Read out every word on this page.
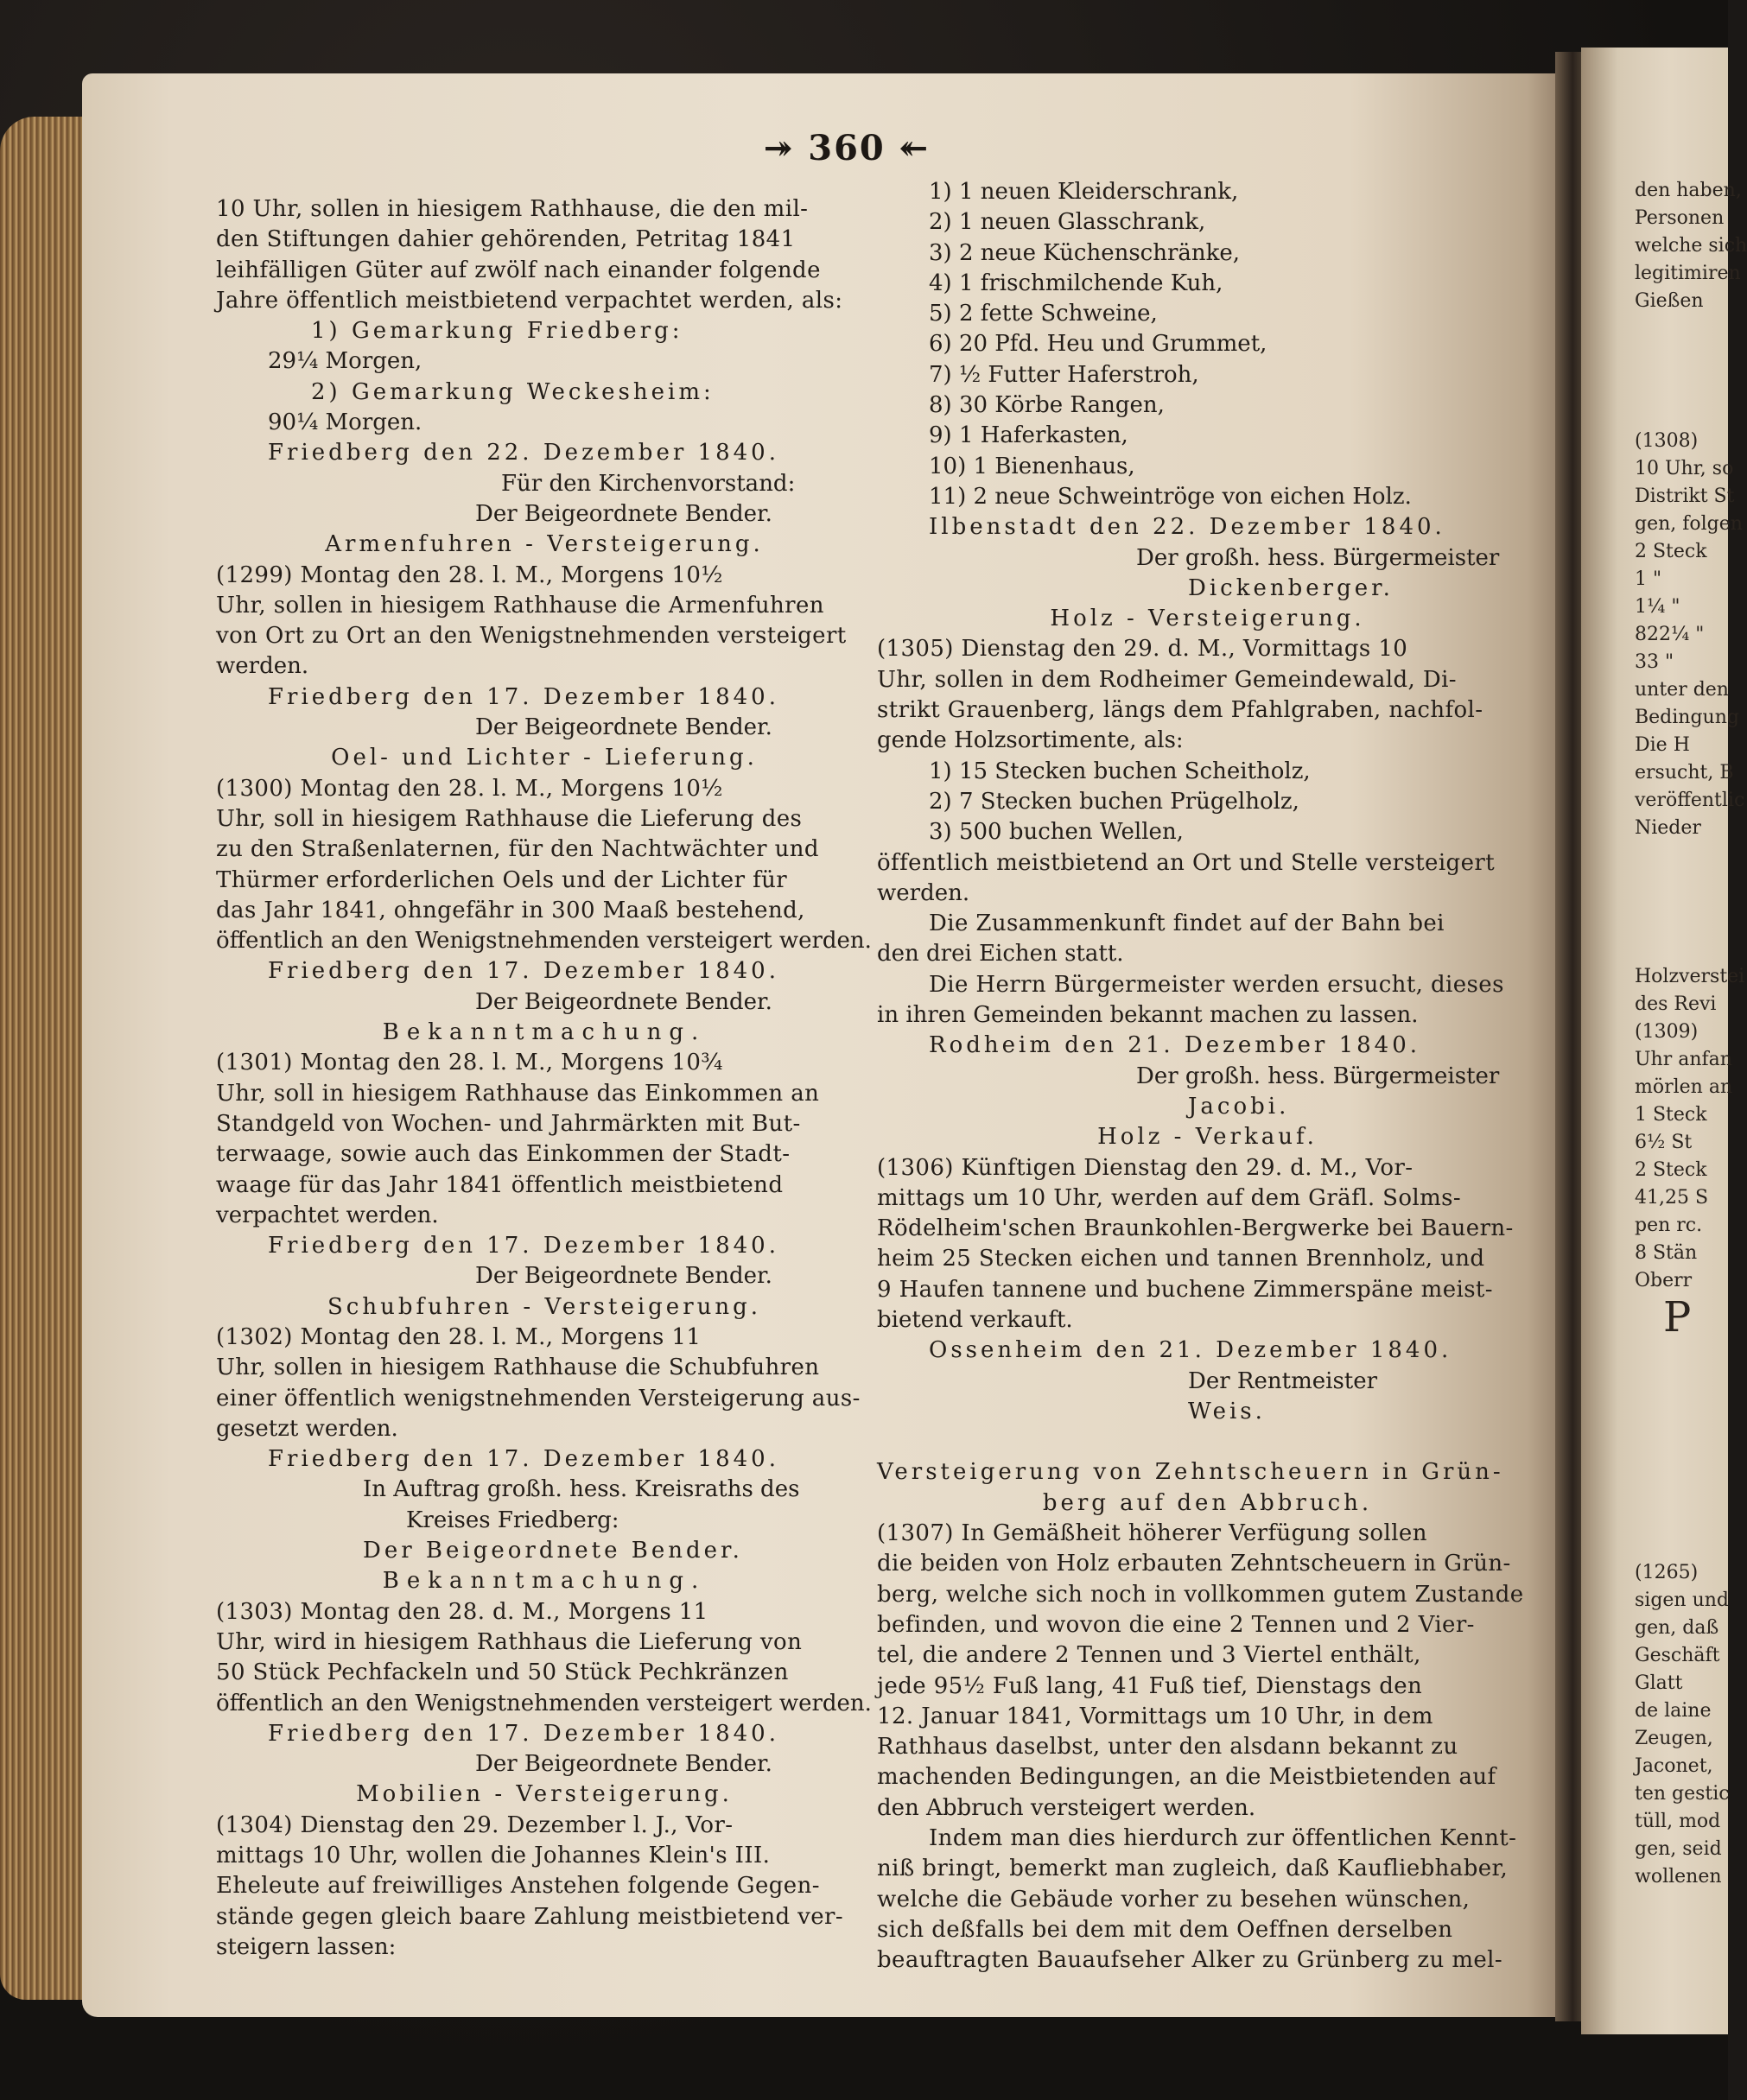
↠ 360 ↞
10 Uhr, sollen in hiesigem Rathhause, die den mil-
den Stiftungen dahier gehörenden, Petritag 1841
leihfälligen Güter auf zwölf nach einander folgende
Jahre öffentlich meistbietend verpachtet werden, als:
1) Gemarkung Friedberg:
29¼ Morgen,
2) Gemarkung Weckesheim:
90¼ Morgen.
Friedberg den 22. Dezember 1840.
Für den Kirchenvorstand:
Der Beigeordnete Bender.
Armenfuhren - Versteigerung.
(1299) Montag den 28. l. M., Morgens 10½
Uhr, sollen in hiesigem Rathhause die Armenfuhren
von Ort zu Ort an den Wenigstnehmenden versteigert
werden.
Friedberg den 17. Dezember 1840.
Der Beigeordnete Bender.
Oel- und Lichter - Lieferung.
(1300) Montag den 28. l. M., Morgens 10½
Uhr, soll in hiesigem Rathhause die Lieferung des
zu den Straßenlaternen, für den Nachtwächter und
Thürmer erforderlichen Oels und der Lichter für
das Jahr 1841, ohngefähr in 300 Maaß bestehend,
öffentlich an den Wenigstnehmenden versteigert werden.
Friedberg den 17. Dezember 1840.
Der Beigeordnete Bender.
Bekanntmachung.
(1301) Montag den 28. l. M., Morgens 10¾
Uhr, soll in hiesigem Rathhause das Einkommen an
Standgeld von Wochen- und Jahrmärkten mit But-
terwaage, sowie auch das Einkommen der Stadt-
waage für das Jahr 1841 öffentlich meistbietend
verpachtet werden.
Friedberg den 17. Dezember 1840.
Der Beigeordnete Bender.
Schubfuhren - Versteigerung.
(1302) Montag den 28. l. M., Morgens 11
Uhr, sollen in hiesigem Rathhause die Schubfuhren
einer öffentlich wenigstnehmenden Versteigerung aus-
gesetzt werden.
Friedberg den 17. Dezember 1840.
In Auftrag großh. hess. Kreisraths des
Kreises Friedberg:
Der Beigeordnete Bender.
Bekanntmachung.
(1303) Montag den 28. d. M., Morgens 11
Uhr, wird in hiesigem Rathhaus die Lieferung von
50 Stück Pechfackeln und 50 Stück Pechkränzen
öffentlich an den Wenigstnehmenden versteigert werden.
Friedberg den 17. Dezember 1840.
Der Beigeordnete Bender.
Mobilien - Versteigerung.
(1304) Dienstag den 29. Dezember l. J., Vor-
mittags 10 Uhr, wollen die Johannes Klein's III.
Eheleute auf freiwilliges Anstehen folgende Gegen-
stände gegen gleich baare Zahlung meistbietend ver-
steigern lassen:
1) 1 neuen Kleiderschrank,
2) 1 neuen Glasschrank,
3) 2 neue Küchenschränke,
4) 1 frischmilchende Kuh,
5) 2 fette Schweine,
6) 20 Pfd. Heu und Grummet,
7) ½ Futter Haferstroh,
8) 30 Körbe Rangen,
9) 1 Haferkasten,
10) 1 Bienenhaus,
11) 2 neue Schweintröge von eichen Holz.
Ilbenstadt den 22. Dezember 1840.
Der großh. hess. Bürgermeister
Dickenberger.
Holz - Versteigerung.
(1305) Dienstag den 29. d. M., Vormittags 10
Uhr, sollen in dem Rodheimer Gemeindewald, Di-
strikt Grauenberg, längs dem Pfahlgraben, nachfol-
gende Holzsortimente, als:
1) 15 Stecken buchen Scheitholz,
2) 7 Stecken buchen Prügelholz,
3) 500 buchen Wellen,
öffentlich meistbietend an Ort und Stelle versteigert
werden.
Die Zusammenkunft findet auf der Bahn bei
den drei Eichen statt.
Die Herrn Bürgermeister werden ersucht, dieses
in ihren Gemeinden bekannt machen zu lassen.
Rodheim den 21. Dezember 1840.
Der großh. hess. Bürgermeister
Jacobi.
Holz - Verkauf.
(1306) Künftigen Dienstag den 29. d. M., Vor-
mittags um 10 Uhr, werden auf dem Gräfl. Solms-
Rödelheim'schen Braunkohlen-Bergwerke bei Bauern-
heim 25 Stecken eichen und tannen Brennholz, und
9 Haufen tannene und buchene Zimmerspäne meist-
bietend verkauft.
Ossenheim den 21. Dezember 1840.
Der Rentmeister
Weis.
Versteigerung von Zehntscheuern in Grün-
berg auf den Abbruch.
(1307) In Gemäßheit höherer Verfügung sollen
die beiden von Holz erbauten Zehntscheuern in Grün-
berg, welche sich noch in vollkommen gutem Zustande
befinden, und wovon die eine 2 Tennen und 2 Vier-
tel, die andere 2 Tennen und 3 Viertel enthält,
jede 95½ Fuß lang, 41 Fuß tief, Dienstags den
12. Januar 1841, Vormittags um 10 Uhr, in dem
Rathhaus daselbst, unter den alsdann bekannt zu
machenden Bedingungen, an die Meistbietenden auf
den Abbruch versteigert werden.
Indem man dies hierdurch zur öffentlichen Kennt-
niß bringt, bemerkt man zugleich, daß Kaufliebhaber,
welche die Gebäude vorher zu besehen wünschen,
sich deßfalls bei dem mit dem Oeffnen derselben
beauftragten Bauaufseher Alker zu Grünberg zu mel-
den haben,
Personen
welche sich
legitimiren
Gießen
(1308)
10 Uhr, so
Distrikt St
gen, folgen
2 Steck
1 "
1¼ "
822¼ "
33 "
unter den
Bedingung
Die H
ersucht, B
veröffentlic
Nieder
Holzverstei
des Revi
(1309)
Uhr anfan
mörlen an
1 Steck
6½ St
2 Steck
41,25 S
pen rc.
8 Stän
Oberr
P
(1265)
sigen und
gen, daß
Geschäft
Glatt
de laine
Zeugen,
Jaconet,
ten gestic
tüll, mod
gen, seid
wollenen
